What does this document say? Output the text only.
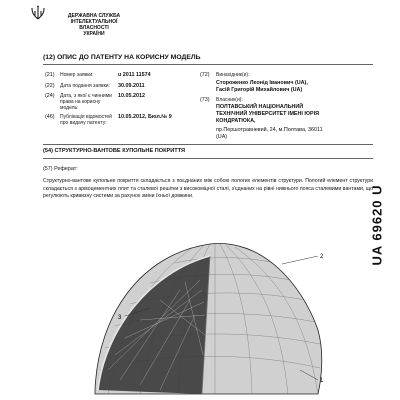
ДЕРЖАВНА СЛУЖБА
ІНТЕЛЕКТУАЛЬНОЇ
ВЛАСНОСТІ
УКРАЇНИ
(12) ОПИС ДО ПАТЕНТУ НА КОРИСНУ МОДЕЛЬ
(21) Номер заявки:	u 2011 11574
(22) Дата подання заявки:	30.09.2011
(24) Дата, з якої є чинними права на корисну модель:
10.05.2012
(46) Публікація відомостей про видачу патенту:
10.05.2012, Бюл.№ 9
(72) Винахідник(и):
Стороженко Леонід Іванович (UA),
Гасій Григорій Михайлович (UA)
(73) Власник(и):
ПОЛТАВСЬКИЙ НАЦІОНАЛЬНИЙ
ТЕХНІЧНИЙ УНІВЕРСИТЕТ ІМЕНІ ЮРІЯ
КОНДРАТЮКА,
пр.Першотравневий, 24, м.Полтава, 36011
(UA)
(54) СТРУКТУРНО-ВАНТОВЕ КУПОЛЬНЕ ПОКРИТТЯ
(57) Реферат:
Структурно-вантове купольне покриття складається з поєднаних між собою пологих елементів структури. Пологий елемент структури складається з армоцементних плит та сталевої решітки з високоміцної сталі, з'єднаних на рівні нижнього пояса сталевими вантами, що регулюють кривизну системи за рахунок зміни їхньої довжини.	UA 69620 U
2
3
1
